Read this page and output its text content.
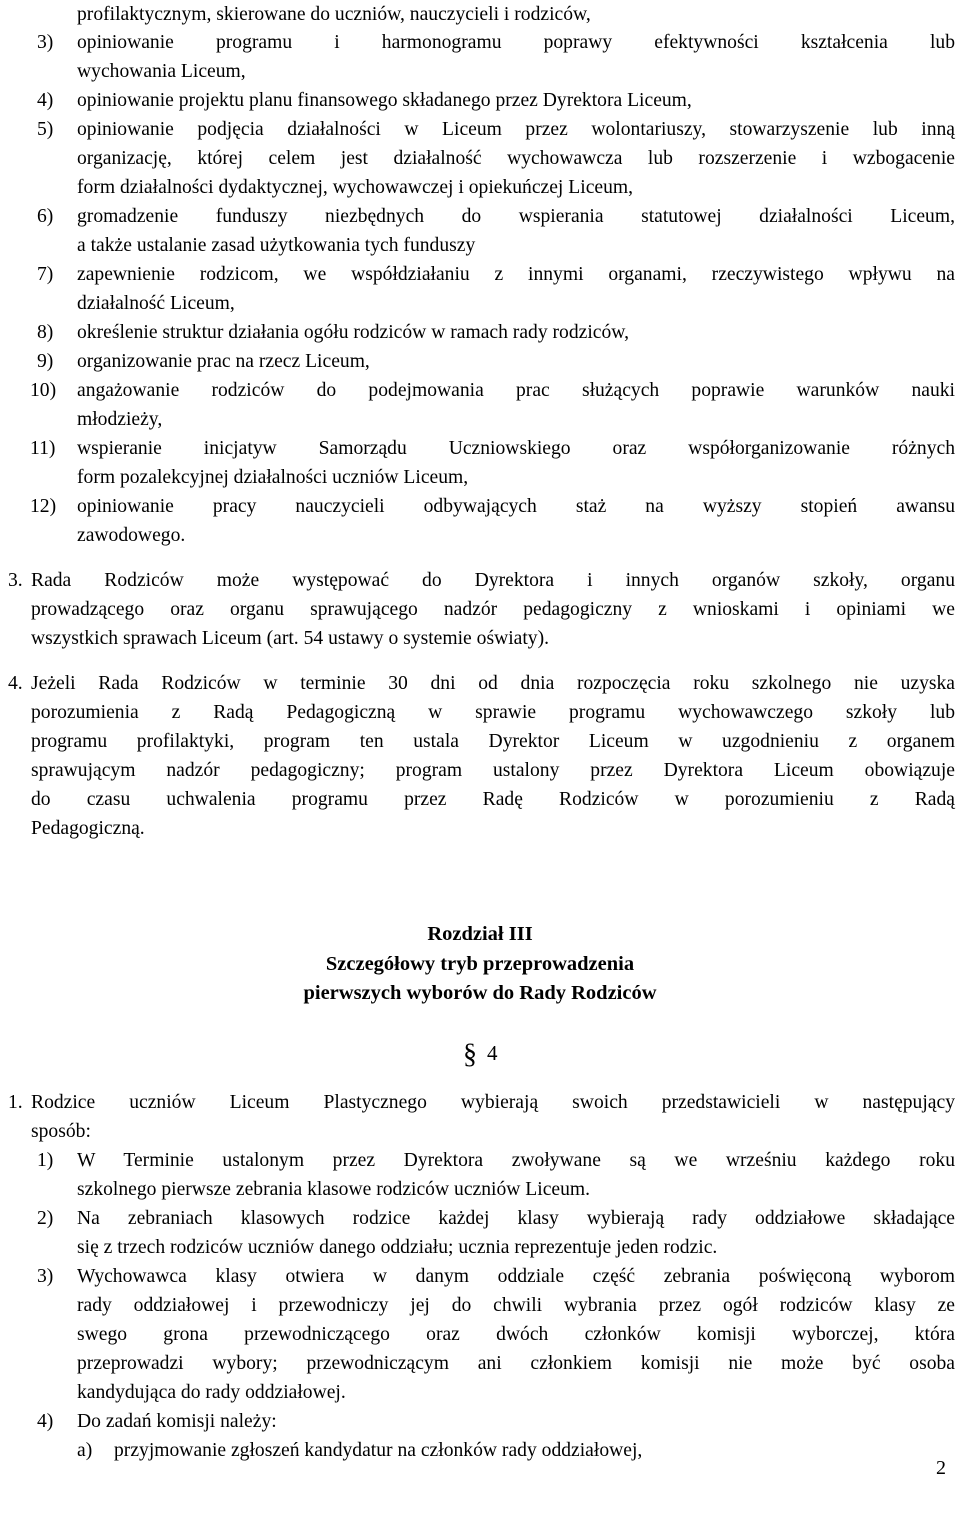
profilaktycznym, skierowane do uczniów, nauczycieli i rodziców,
3) opiniowanie programu i harmonogramu poprawy efektywności kształcenia lub
wychowania Liceum,
4) opiniowanie projektu planu finansowego składanego przez Dyrektora Liceum,
5) opiniowanie podjęcia działalności w Liceum przez wolontariuszy, stowarzyszenie lub inną
organizację, której celem jest działalność wychowawcza lub rozszerzenie i wzbogacenie
form działalności dydaktycznej, wychowawczej i opiekuńczej Liceum,
6) gromadzenie funduszy niezbędnych do wspierania statutowej działalności Liceum,
a także ustalanie zasad użytkowania tych funduszy
7) zapewnienie rodzicom, we współdziałaniu z innymi organami, rzeczywistego wpływu na
działalność Liceum,
8) określenie struktur działania ogółu rodziców w ramach rady rodziców,
9) organizowanie prac na rzecz Liceum,
10) angażowanie rodziców do podejmowania prac służących poprawie warunków nauki
młodzieży,
11) wspieranie inicjatyw Samorządu Uczniowskiego oraz współorganizowanie różnych
form pozalekcyjnej działalności uczniów Liceum,
12) opiniowanie pracy nauczycieli odbywających staż na wyższy stopień awansu
zawodowego.
3. Rada Rodziców może występować do Dyrektora i innych organów szkoły, organu
prowadzącego oraz organu sprawującego nadzór pedagogiczny z wnioskami i opiniami we
wszystkich sprawach Liceum (art. 54 ustawy o systemie oświaty).
4. Jeżeli Rada Rodziców w terminie 30 dni od dnia rozpoczęcia roku szkolnego nie uzyska
porozumienia z Radą Pedagogiczną w sprawie programu wychowawczego szkoły lub
programu profilaktyki, program ten ustala Dyrektor Liceum w uzgodnieniu z organem
sprawującym nadzór pedagogiczny; program ustalony przez Dyrektora Liceum obowiązuje
do czasu uchwalenia programu przez Radę Rodziców w porozumieniu z Radą
Pedagogiczną.
Rozdział III
Szczegółowy tryb przeprowadzenia
pierwszych wyborów do Rady Rodziców
§ 4
1. Rodzice uczniów Liceum Plastycznego wybierają swoich przedstawicieli w następujący
sposób:
1) W Terminie ustalonym przez Dyrektora zwoływane są we wrześniu każdego roku
szkolnego pierwsze zebrania klasowe rodziców uczniów Liceum.
2) Na zebraniach klasowych rodzice każdej klasy wybierają rady oddziałowe składające
się z trzech rodziców uczniów danego oddziału; ucznia reprezentuje jeden rodzic.
3) Wychowawca klasy otwiera w danym oddziale część zebrania poświęconą wyborom
rady oddziałowej i przewodniczy jej do chwili wybrania przez ogół rodziców klasy ze
swego grona przewodniczącego oraz dwóch członków komisji wyborczej, która
przeprowadzi wybory; przewodniczącym ani członkiem komisji nie może być osoba
kandydująca do rady oddziałowej.
4) Do zadań komisji należy:
a) przyjmowanie zgłoszeń kandydatur na członków rady oddziałowej,
2
